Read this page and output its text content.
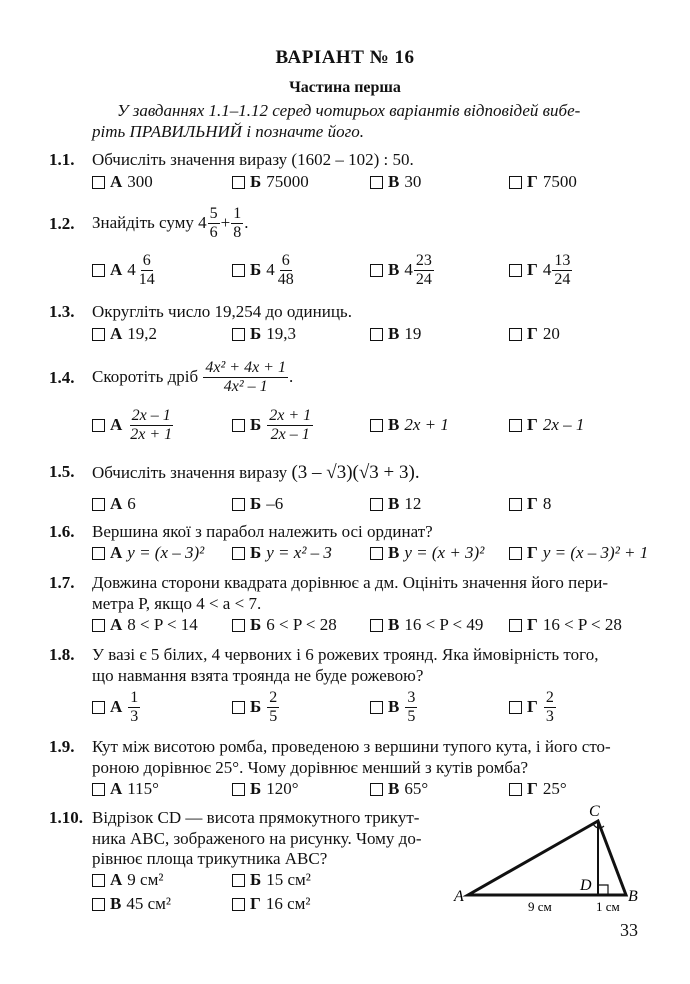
ВАРІАНТ № 16
Частина перша
У завданнях 1.1–1.12 серед чотирьох варіантів відповідей вибе-
ріть ПРАВИЛЬНИЙ і позначте його.
1.1. Обчисліть значення виразу (1602 – 102) : 50.
А 300	Б 75000	В 30	Г 7500
1.2. Знайдіть суму
$4 \frac{5}{6} + \frac{1}{8}$ .
А $4 \frac{6}{14}$	Б $4 \frac{6}{48}$	В $4 \frac{23}{24}$	Г $4 \frac{13}{24}$
1.3. Округліть число 19,254 до одиниць.
А 19,2	Б 19,3	В 19	Г 20
1.4. Скоротіть дріб
$\frac{\text{4x² + 4x + 1}}{\text{4x² – 1}}$ .
А $\frac{2x - 1}{2x + 1}$	Б $\frac{2x + 1}{2x - 1}$	В 2x + 1	Г 2x – 1
1.5. Обчисліть значення виразу (3 – √3)(√3 + 3).
А 6	Б –6	В 12	Г 8
1.6. Вершина якої з парабол належить осі ординат?
А y = (x – 3)²	Б y = x² – 3	В y = (x + 3)²	Г y = (x – 3)² + 1
1.7. Довжина сторони квадрата дорівнює a дм. Оцініть значення його пери-
метра P, якщо 4 < a < 7.
А 8 < P < 14	Б 6 < P < 28	В 16 < P < 49	Г 16 < P < 28
1.8. У вазі є 5 білих, 4 червоних і 6 рожевих троянд. Яка ймовірність того,
що навмання взята троянда не буде рожевою?
А $\frac{1}{3}$	Б $\frac{2}{5}$	В $\frac{3}{5}$	Г $\frac{2}{3}$
1.9. Кут між висотою ромба, проведеною з вершини тупого кута, і його сто-
роною дорівнює 25°. Чому дорівнює менший з кутів ромба?
А 115°	Б 120°	В 65°	Г 25°
1.10. Відрізок CD — висота прямокутного трикут-
ника ABC, зображеного на рисунку. Чому до-
рівнює площа трикутника ABC?
А 9 см²	Б 15 см²
В 45 см²	Г 16 см²	A	B
C
D
9 см	1 см
33
